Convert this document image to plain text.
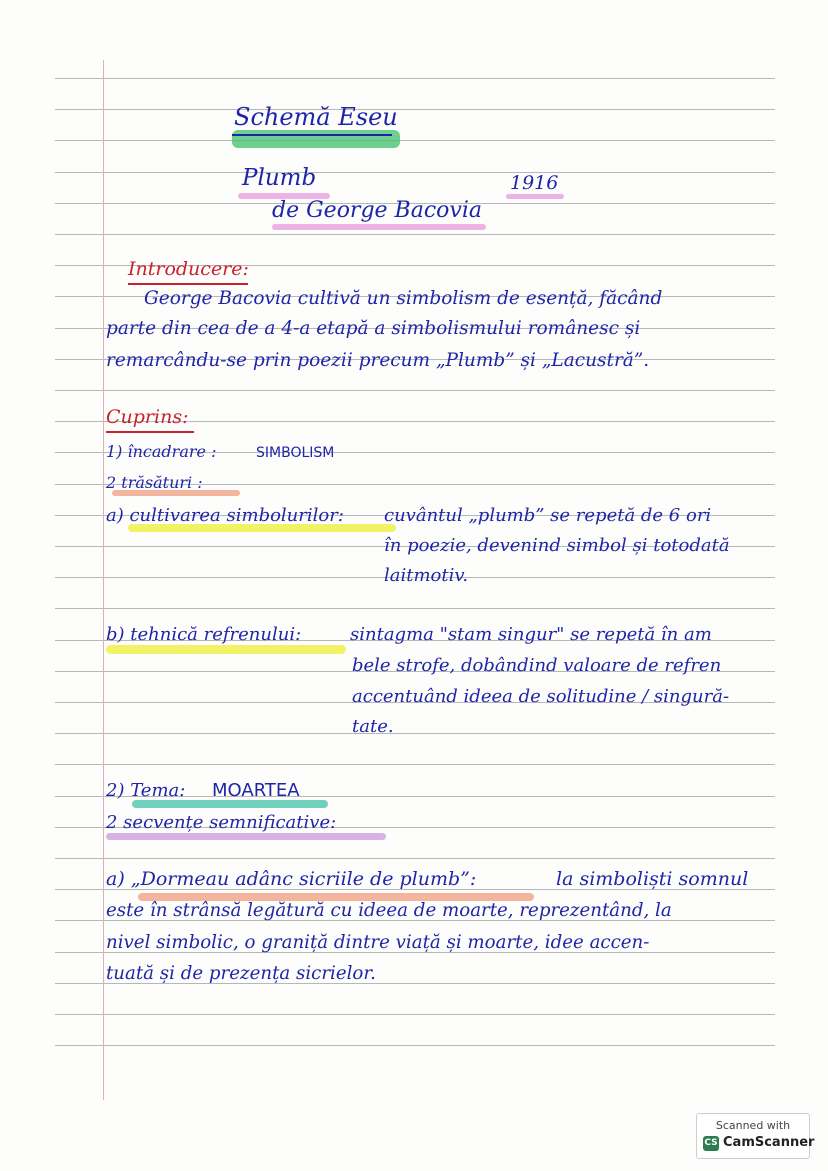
Schemă Eseu
Plumb	1916
de George Bacovia
Introducere:
George Bacovia cultivă un simbolism de esență, făcând
parte din cea de a 4-a etapă a simbolismului românesc și
remarcându-se prin poezii precum „Plumb” și „Lacustră”.
Cuprins:
1) încadrare :	SIMBOLISM
2 trăsături :
a) cultivarea simbolurilor: cuvântul „plumb” se repetă de 6 ori
în poezie, devenind simbol și totodată
laitmotiv.
b) tehnică refrenului:	sintagma "stam singur" se repetă în am
bele strofe, dobândind valoare de refren
accentuând ideea de solitudine / singură-
tate.
2) Tema: MOARTEA
2 secvențe semnificative:
a) „Dormeau adânc sicriile de plumb”:	la simboliști somnul
este în strânsă legătură cu ideea de moarte, reprezentând, la
nivel simbolic, o graniță dintre viață și moarte, idee accen-
tuată și de prezența sicrielor.
Scanned with
CS CamScanner
